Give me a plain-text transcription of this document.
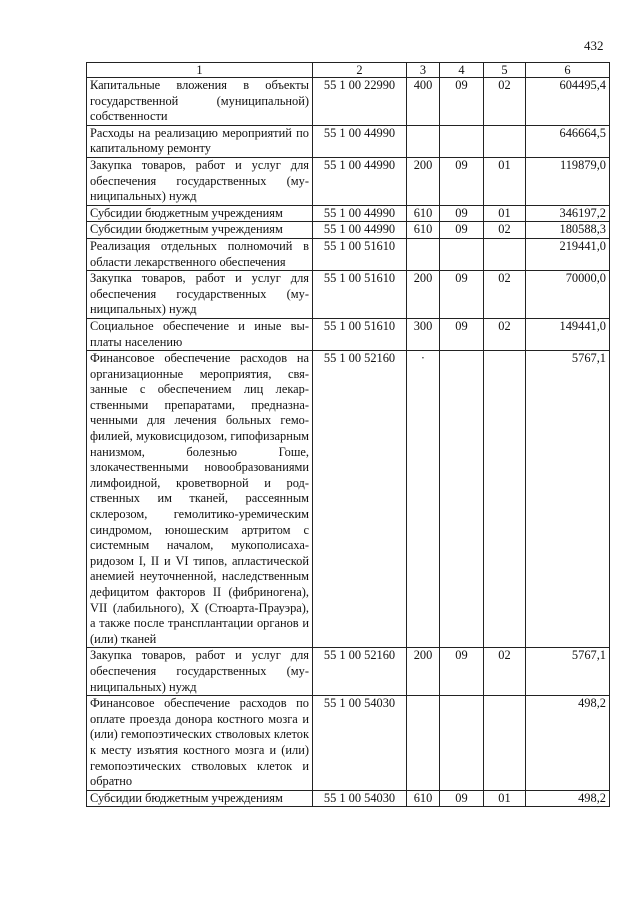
432
1	2	3	4	5	6
Капитальные вложения в объекты государственной (муниципальной) собственности	55 1 00 22990	400	09	02	604495,4
Расходы на реализацию мероприятий по капитальному ремонту	55 1 00 44990				646664,5
Закупка товаров, работ и услуг для обеспечения государственных (муниципальных) нужд	55 1 00 44990	200	09	01	119879,0
Субсидии бюджетным учреждениям	55 1 00 44990	610	09	01	346197,2
Субсидии бюджетным учреждениям	55 1 00 44990	610	09	02	180588,3
Реализация отдельных полномочий в области лекарственного обеспечения	55 1 00 51610				219441,0
Закупка товаров, работ и услуг для обеспечения государственных (муниципальных) нужд	55 1 00 51610	200	09	02	70000,0
Социальное обеспечение и иные выплаты населению	55 1 00 51610	300	09	02	149441,0
Финансовое обеспечение расходов на организационные мероприятия, связанные с обеспечением лиц лекарственными препаратами, предназначенными для лечения больных гемофилией, муковисцидозом, гипофизарным нанизмом, болезнью Гоше, злокачественными новообразованиями лимфоидной, кроветворной и родственных им тканей, рассеянным склерозом, гемолитико-уремическим синдромом, юношеским артритом с системным началом, мукополисахаридозом I, II и VI типов, апластической анемией неуточненной, наследственным дефицитом факторов II (фибриногена), VII (лабильного), X (Стюарта-Прауэра), а также после трансплантации органов и (или) тканей	55 1 00 52160	·			5767,1
Закупка товаров, работ и услуг для обеспечения государственных (муниципальных) нужд	55 1 00 52160	200	09	02	5767,1
Финансовое обеспечение расходов по оплате проезда донора костного мозга и (или) гемопоэтических стволовых клеток к месту изъятия костного мозга и (или) гемопоэтических стволовых клеток и обратно	55 1 00 54030				498,2
Субсидии бюджетным учреждениям	55 1 00 54030	610	09	01	498,2
